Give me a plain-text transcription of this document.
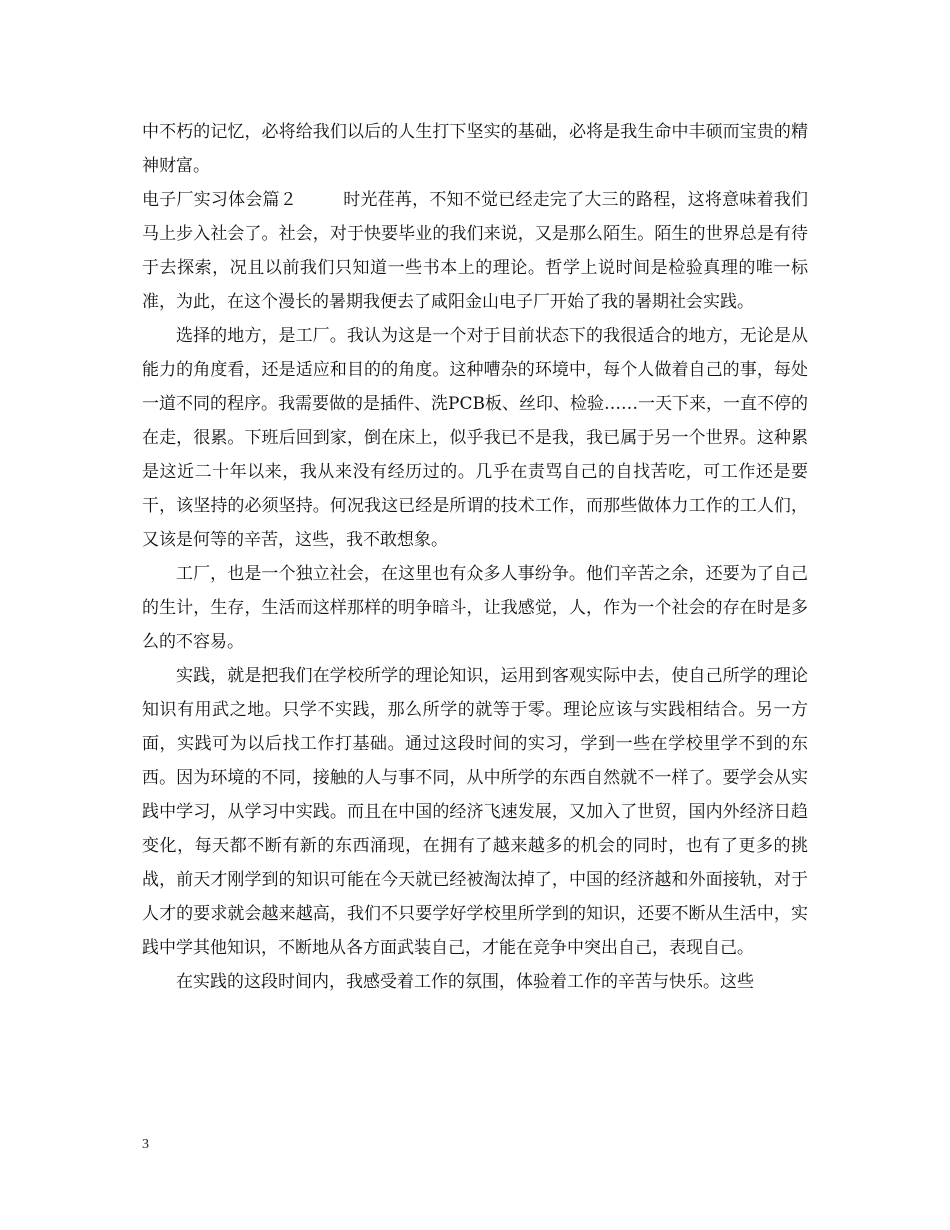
中不朽的记忆，必将给我们以后的人生打下坚实的基础，必将是我生命中丰硕而宝贵的精神财富。

电子厂实习体会篇２	时光荏苒，不知不觉已经走完了大三的路程，这将意味着我们马上步入社会了。社会，对于快要毕业的我们来说，又是那么陌生。陌生的世界总是有待于去探索，况且以前我们只知道一些书本上的理论。哲学上说时间是检验真理的唯一标准，为此，在这个漫长的暑期我便去了咸阳金山电子厂开始了我的暑期社会实践。

选择的地方，是工厂。我认为这是一个对于目前状态下的我很适合的地方，无论是从能力的角度看，还是适应和目的的角度。这种嘈杂的环境中，每个人做着自己的事，每处一道不同的程序。我需要做的是插件、洗PCB板、丝印、检验……一天下来，一直不停的在走，很累。下班后回到家，倒在床上，似乎我已不是我，我已属于另一个世界。这种累是这近二十年以来，我从来没有经历过的。几乎在责骂自己的自找苦吃，可工作还是要干，该坚持的必须坚持。何况我这已经是所谓的技术工作，而那些做体力工作的工人们，又该是何等的辛苦，这些，我不敢想象。

工厂，也是一个独立社会，在这里也有众多人事纷争。他们辛苦之余，还要为了自己的生计，生存，生活而这样那样的明争暗斗，让我感觉，人，作为一个社会的存在时是多么的不容易。

实践，就是把我们在学校所学的理论知识，运用到客观实际中去，使自己所学的理论知识有用武之地。只学不实践，那么所学的就等于零。理论应该与实践相结合。另一方面，实践可为以后找工作打基础。通过这段时间的实习，学到一些在学校里学不到的东西。因为环境的不同，接触的人与事不同，从中所学的东西自然就不一样了。要学会从实践中学习，从学习中实践。而且在中国的经济飞速发展，又加入了世贸，国内外经济日趋变化，每天都不断有新的东西涌现，在拥有了越来越多的机会的同时，也有了更多的挑战，前天才刚学到的知识可能在今天就已经被淘汰掉了，中国的经济越和外面接轨，对于人才的要求就会越来越高，我们不只要学好学校里所学到的知识，还要不断从生活中，实践中学其他知识，不断地从各方面武装自己，才能在竞争中突出自己，表现自己。

在实践的这段时间内，我感受着工作的氛围，体验着工作的辛苦与快乐。这些

3
